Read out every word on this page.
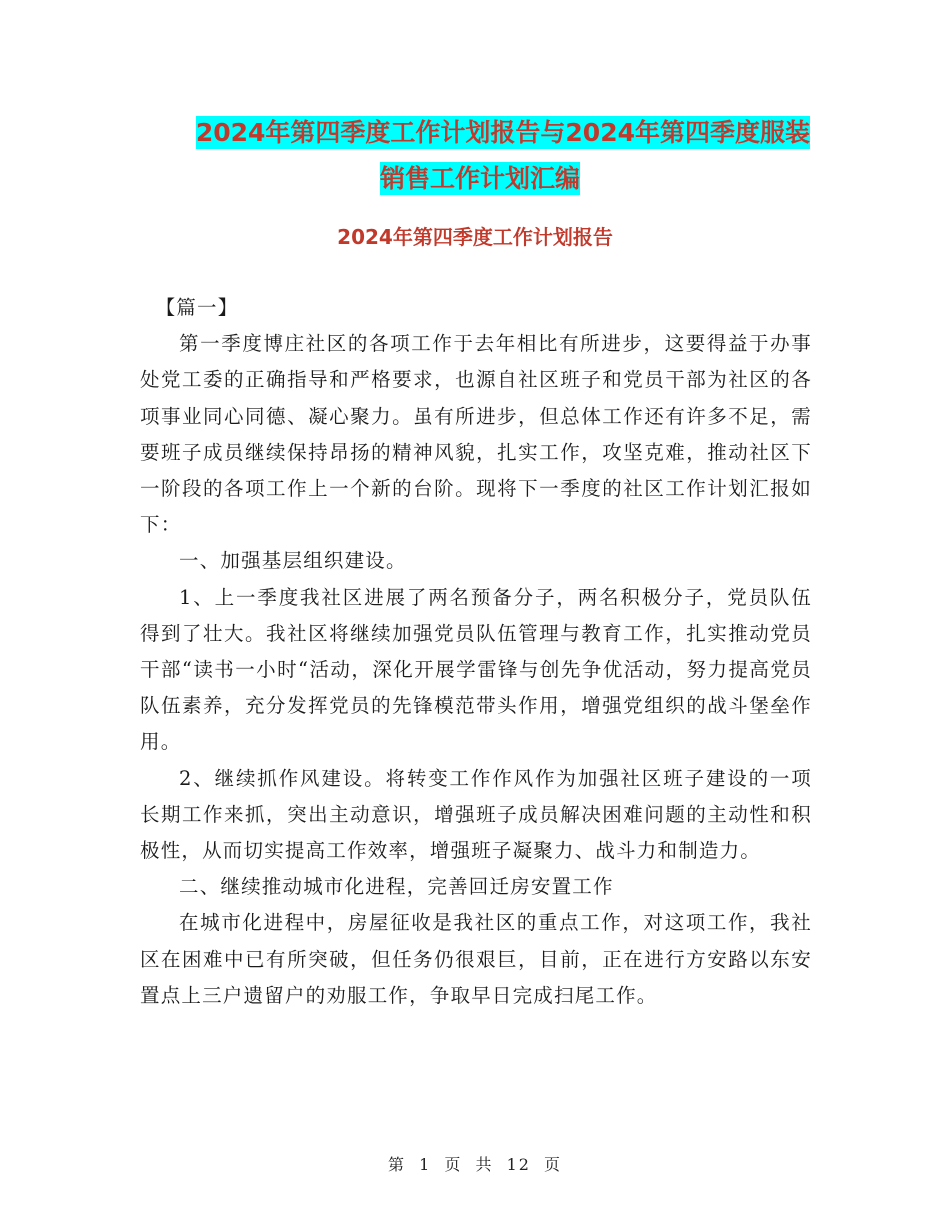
2024年第四季度工作计划报告与2024年第四季度服装
销售工作计划汇编
2024年第四季度工作计划报告

【篇一】

第一季度博庄社区的各项工作于去年相比有所进步，这要得益于办事处党工委的正确指导和严格要求，也源自社区班子和党员干部为社区的各项事业同心同德、凝心聚力。虽有所进步，但总体工作还有许多不足，需要班子成员继续保持昂扬的精神风貌，扎实工作，攻坚克难，推动社区下一阶段的各项工作上一个新的台阶。现将下一季度的社区工作计划汇报如下：

一、加强基层组织建设。

1、上一季度我社区进展了两名预备分子，两名积极分子，党员队伍得到了壮大。我社区将继续加强党员队伍管理与教育工作，扎实推动党员干部“读书一小时“活动，深化开展学雷锋与创先争优活动，努力提高党员队伍素养，充分发挥党员的先锋模范带头作用，增强党组织的战斗堡垒作用。

2、继续抓作风建设。将转变工作作风作为加强社区班子建设的一项长期工作来抓，突出主动意识，增强班子成员解决困难问题的主动性和积极性，从而切实提高工作效率，增强班子凝聚力、战斗力和制造力。

二、继续推动城市化进程，完善回迁房安置工作

在城市化进程中，房屋征收是我社区的重点工作，对这项工作，我社区在困难中已有所突破，但任务仍很艰巨，目前，正在进行方安路以东安置点上三户遗留户的劝服工作，争取早日完成扫尾工作。

第 1 页 共 12 页
